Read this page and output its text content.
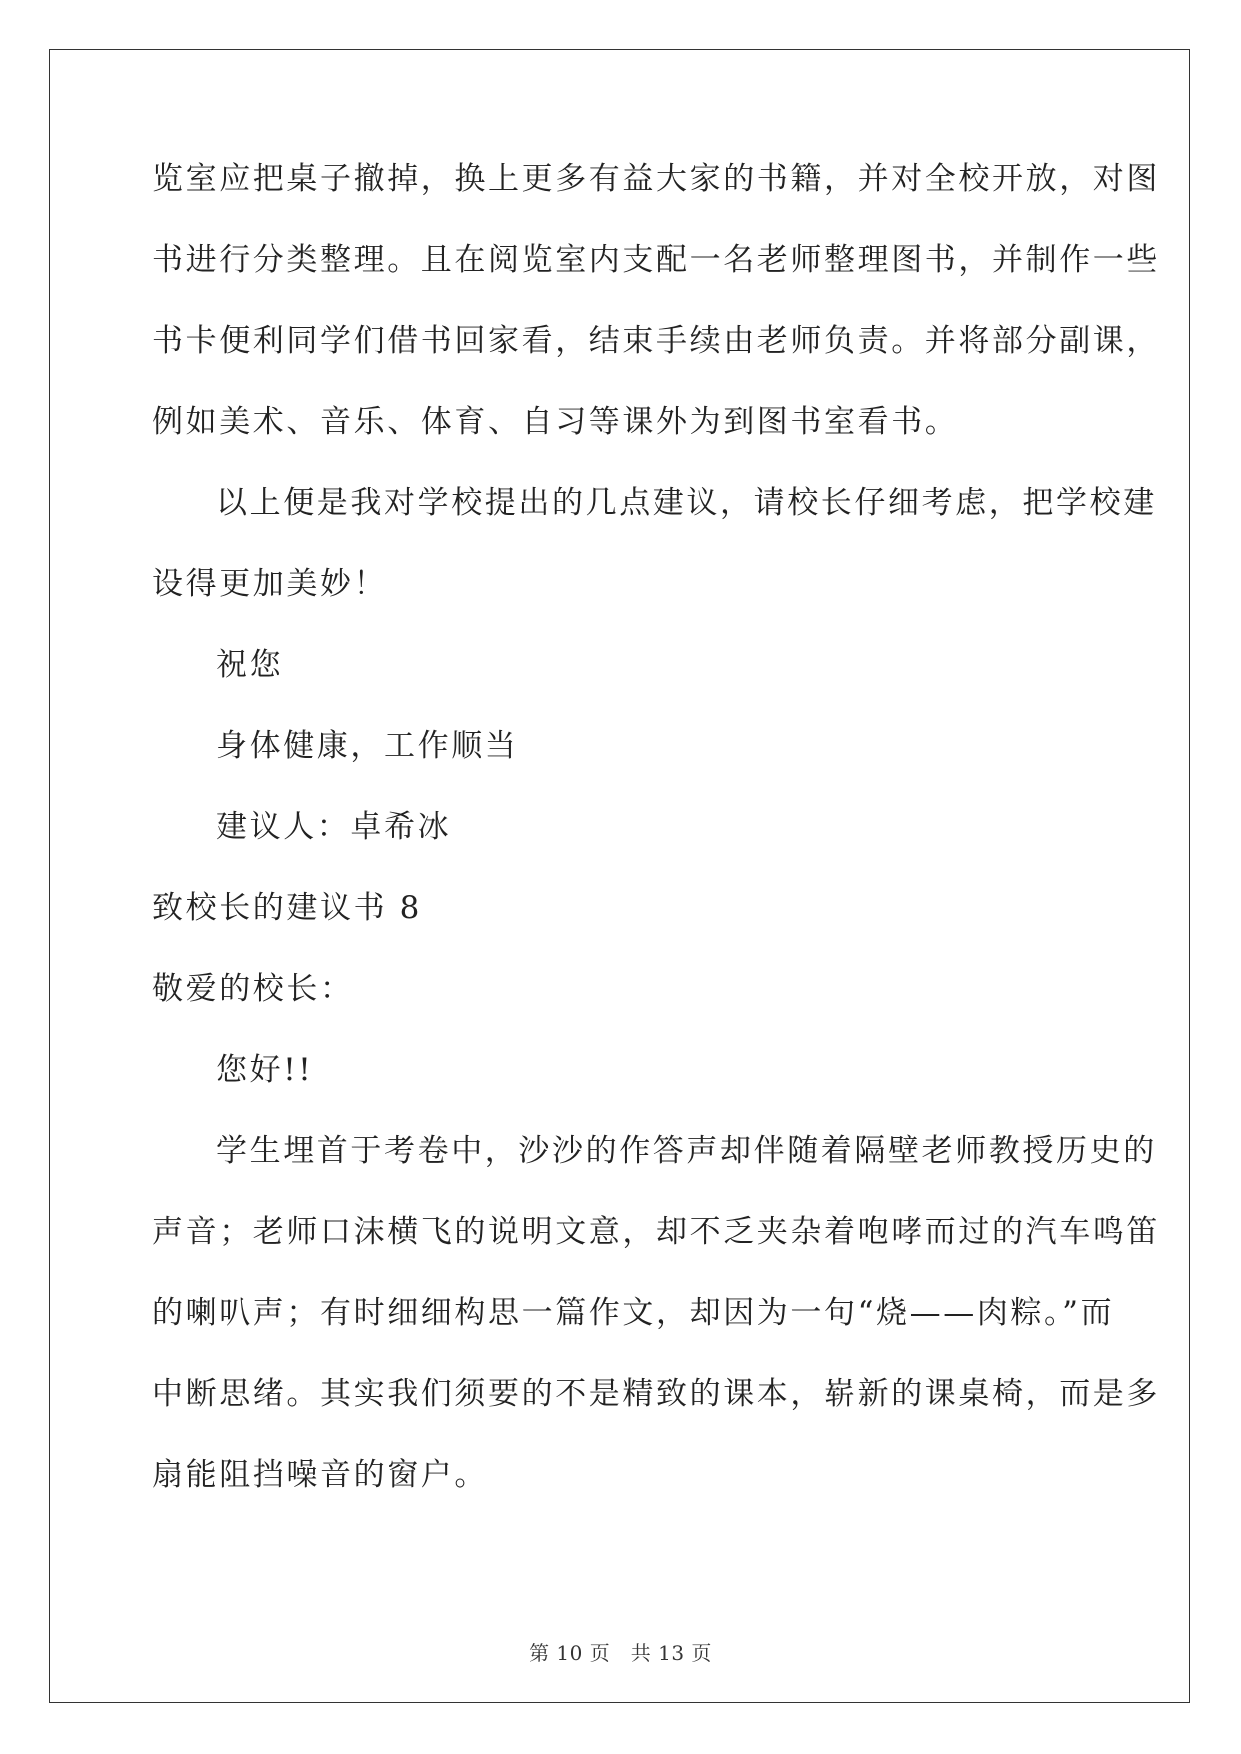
览室应把桌子撤掉，换上更多有益大家的书籍，并对全校开放，对图
书进行分类整理。且在阅览室内支配一名老师整理图书，并制作一些
书卡便利同学们借书回家看，结束手续由老师负责。并将部分副课，
例如美术、音乐、体育、自习等课外为到图书室看书。
以上便是我对学校提出的几点建议，请校长仔细考虑，把学校建
设得更加美妙！
祝您
身体健康，工作顺当
建议人：卓希冰
致校长的建议书 8
敬爱的校长：
您好!!
学生埋首于考卷中，沙沙的作答声却伴随着隔壁老师教授历史的
声音；老师口沫横飞的说明文意，却不乏夹杂着咆哮而过的汽车鸣笛
的喇叭声；有时细细构思一篇作文，却因为一句“烧——肉粽。”而
中断思绪。其实我们须要的不是精致的课本，崭新的课桌椅，而是多
扇能阻挡噪音的窗户。
第 10 页　共 13 页
